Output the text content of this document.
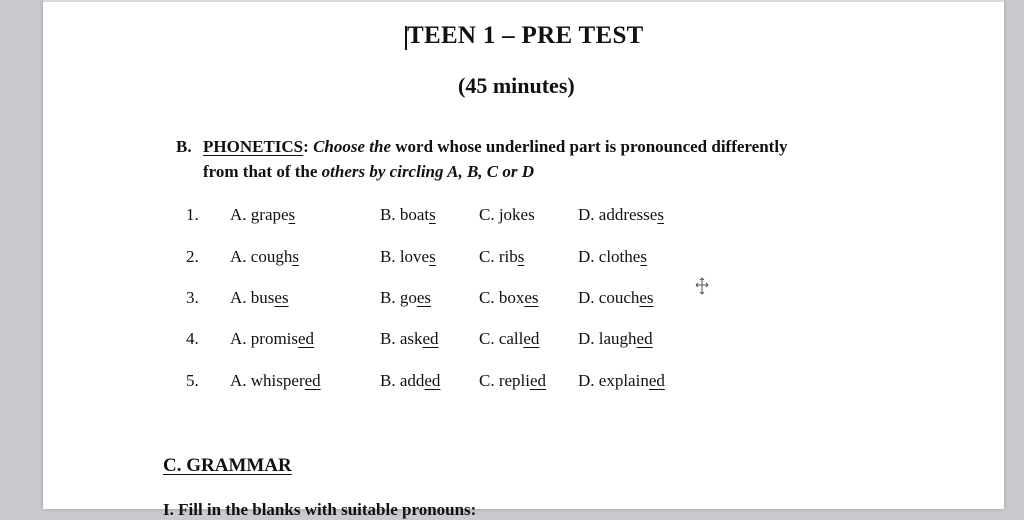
TEEN 1 – PRE TEST
(45 minutes)
B. PHONETICS: Choose the word whose underlined part is pronounced differently
from that of the others by circling A, B, C or D
1. A. grapes	B. boats	C. jokes	D. addresses
2. A. coughs	B. loves	C. ribs	D. clothes
3. A. buses	B. goes	C. boxes D. couches
4. A. promised	B. asked C. called D. laughed
5. A. whispered	B. added C. replied D. explained
C. GRAMMAR
I. Fill in the blanks with suitable pronouns:
